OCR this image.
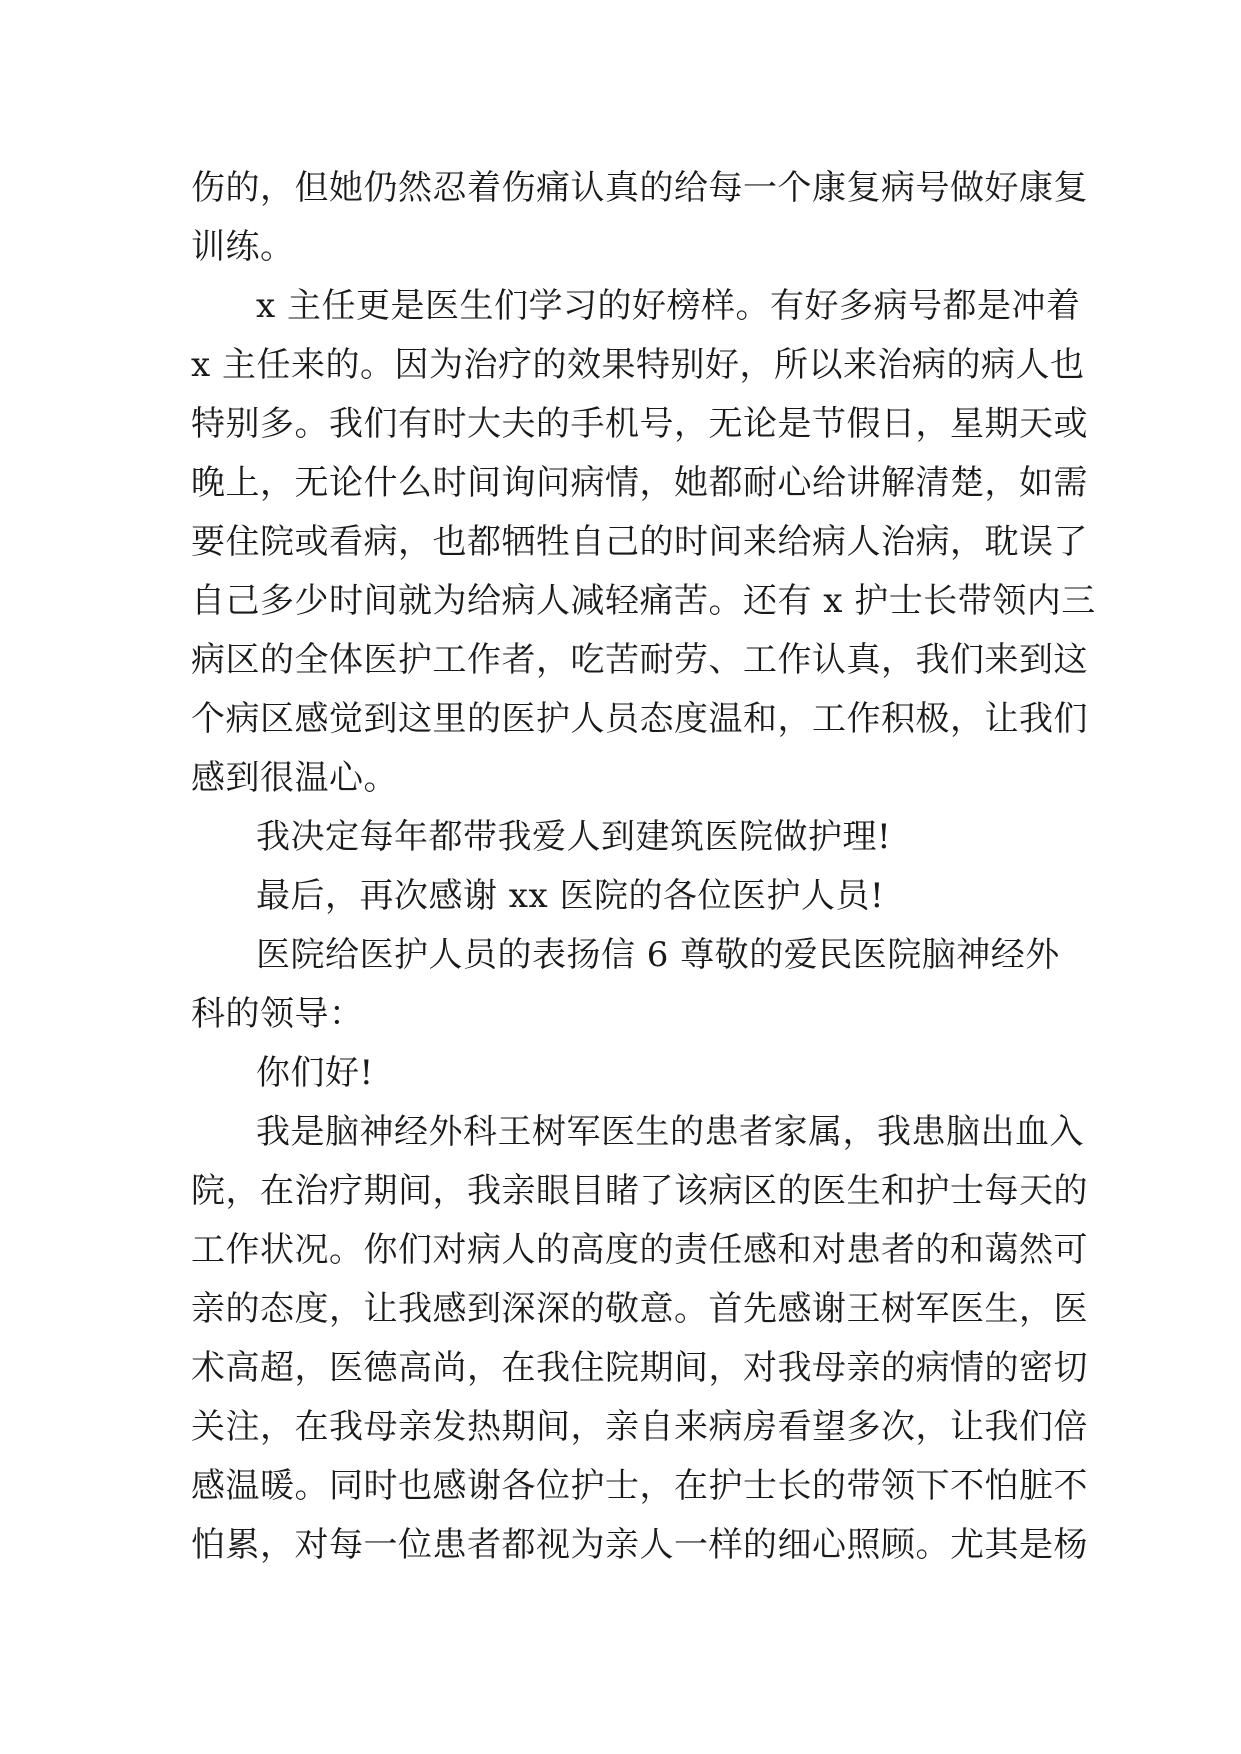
伤的，但她仍然忍着伤痛认真的给每一个康复病号做好康复
训练。
x 主任更是医生们学习的好榜样。有好多病号都是冲着
x 主任来的。因为治疗的效果特别好，所以来治病的病人也
特别多。我们有时大夫的手机号，无论是节假日，星期天或
晚上，无论什么时间询问病情，她都耐心给讲解清楚，如需
要住院或看病，也都牺牲自己的时间来给病人治病，耽误了
自己多少时间就为给病人减轻痛苦。还有 x 护士长带领内三
病区的全体医护工作者，吃苦耐劳、工作认真，我们来到这
个病区感觉到这里的医护人员态度温和，工作积极，让我们
感到很温心。
我决定每年都带我爱人到建筑医院做护理!
最后，再次感谢 xx 医院的各位医护人员!
医院给医护人员的表扬信 6 尊敬的爱民医院脑神经外
科的领导：
你们好!
我是脑神经外科王树军医生的患者家属，我患脑出血入
院，在治疗期间，我亲眼目睹了该病区的医生和护士每天的
工作状况。你们对病人的高度的责任感和对患者的和蔼然可
亲的态度，让我感到深深的敬意。首先感谢王树军医生，医
术高超，医德高尚，在我住院期间，对我母亲的病情的密切
关注，在我母亲发热期间，亲自来病房看望多次，让我们倍
感温暖。同时也感谢各位护士，在护士长的带领下不怕脏不
怕累，对每一位患者都视为亲人一样的细心照顾。尤其是杨
